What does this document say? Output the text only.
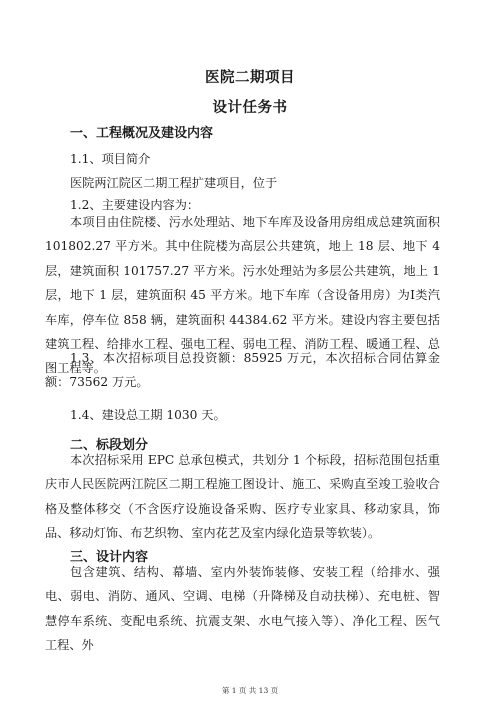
医院二期项目
设计任务书
一、工程概况及建设内容
1.1、项目简介
医院两江院区二期工程扩建项目，位于
1.2、主要建设内容为：
本项目由住院楼、污水处理站、地下车库及设备用房组成总建筑面积 101802.27 平方米。其中住院楼为高层公共建筑，地上 18 层、地下 4 层，建筑面积 101757.27 平方米。污水处理站为多层公共建筑，地上 1 层，地下 1 层，建筑面积 45 平方米。地下车库（含设备用房）为Ⅰ类汽车库，停车位 858 辆，建筑面积 44384.62 平方米。建设内容主要包括建筑工程、给排水工程、强电工程、弱电工程、消防工程、暖通工程、总图工程等。
1.3、本次招标项目总投资额：85925 万元，本次招标合同估算金额：73562 万元。
1.4、建设总工期 1030 天。
二、标段划分
本次招标采用 EPC 总承包模式，共划分 1 个标段，招标范围包括重庆市人民医院两江院区二期工程施工图设计、施工、采购直至竣工验收合格及整体移交（不含医疗设施设备采购、医疗专业家具、移动家具，饰品、移动灯饰、布艺织物、室内花艺及室内绿化造景等软装）。
三、设计内容
包含建筑、结构、幕墙、室内外装饰装修、安装工程（给排水、强电、弱电、消防、通风、空调、电梯（升降梯及自动扶梯）、充电桩、智慧停车系统、变配电系统、抗震支架、水电气接入等）、净化工程、医气工程、外
第 1 页 共 13 页
